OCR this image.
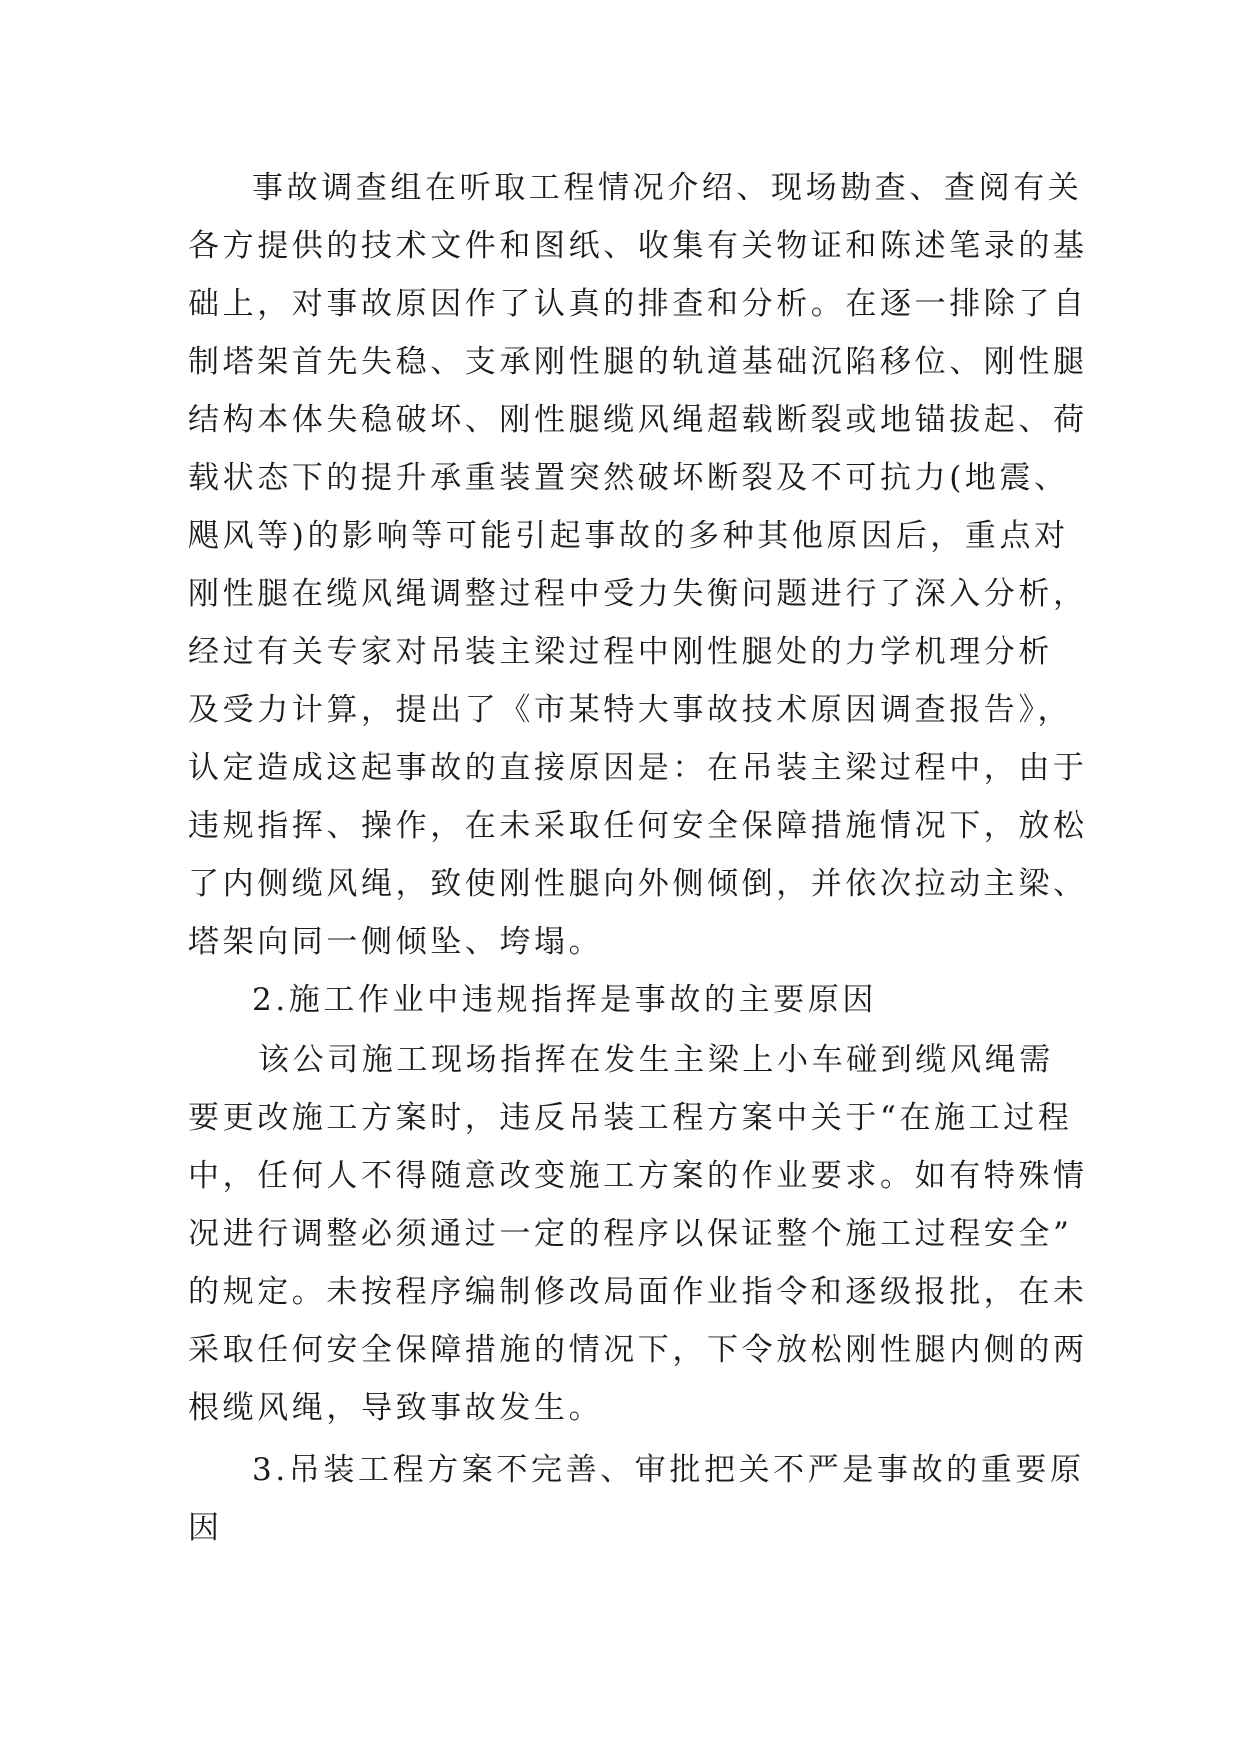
事故调查组在听取工程情况介绍、现场勘查、查阅有关
各方提供的技术文件和图纸、收集有关物证和陈述笔录的基
础上，对事故原因作了认真的排查和分析。在逐一排除了自
制塔架首先失稳、支承刚性腿的轨道基础沉陷移位、刚性腿
结构本体失稳破坏、刚性腿缆风绳超载断裂或地锚拔起、荷
载状态下的提升承重装置突然破坏断裂及不可抗力(地震、
飓风等)的影响等可能引起事故的多种其他原因后，重点对
刚性腿在缆风绳调整过程中受力失衡问题进行了深入分析，
经过有关专家对吊装主梁过程中刚性腿处的力学机理分析
及受力计算，提出了《市某特大事故技术原因调查报告》，
认定造成这起事故的直接原因是：在吊装主梁过程中，由于
违规指挥、操作，在未采取任何安全保障措施情况下，放松
了内侧缆风绳，致使刚性腿向外侧倾倒，并依次拉动主梁、
塔架向同一侧倾坠、垮塌。
2.施工作业中违规指挥是事故的主要原因
该公司施工现场指挥在发生主梁上小车碰到缆风绳需
要更改施工方案时，违反吊装工程方案中关于“在施工过程
中，任何人不得随意改变施工方案的作业要求。如有特殊情
况进行调整必须通过一定的程序以保证整个施工过程安全”
的规定。未按程序编制修改局面作业指令和逐级报批，在未
采取任何安全保障措施的情况下，下令放松刚性腿内侧的两
根缆风绳，导致事故发生。
3.吊装工程方案不完善、审批把关不严是事故的重要原
因
